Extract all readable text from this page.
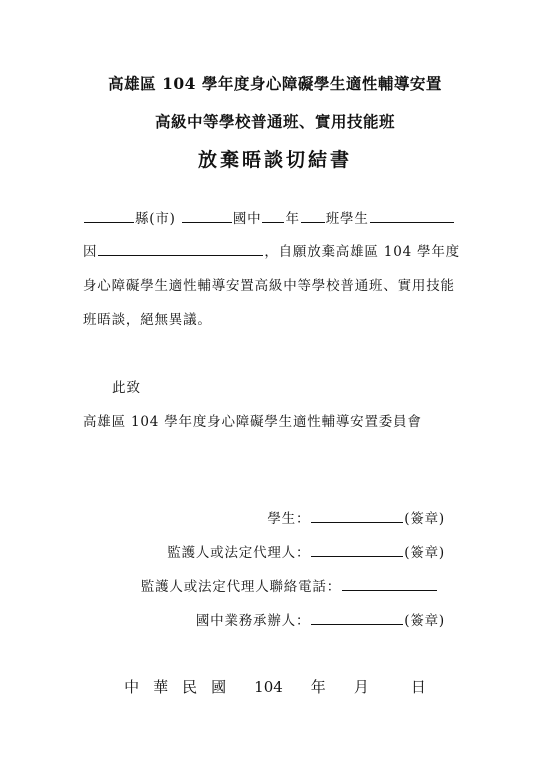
高雄區 104 學年度身心障礙學生適性輔導安置
高級中等學校普通班、實用技能班
放棄晤談切結書
縣(市)	國中 年 班學生
因	，自願放棄高雄區 104 學年度
身心障礙學生適性輔導安置高級中等學校普通班、實用技能
班晤談，絕無異議。
此致
高雄區 104 學年度身心障礙學生適性輔導安置委員會
學生：	(簽章)
監護人或法定代理人：	(簽章)
監護人或法定代理人聯絡電話：
國中業務承辦人：	(簽章)
中華民國 104 年 月	日
